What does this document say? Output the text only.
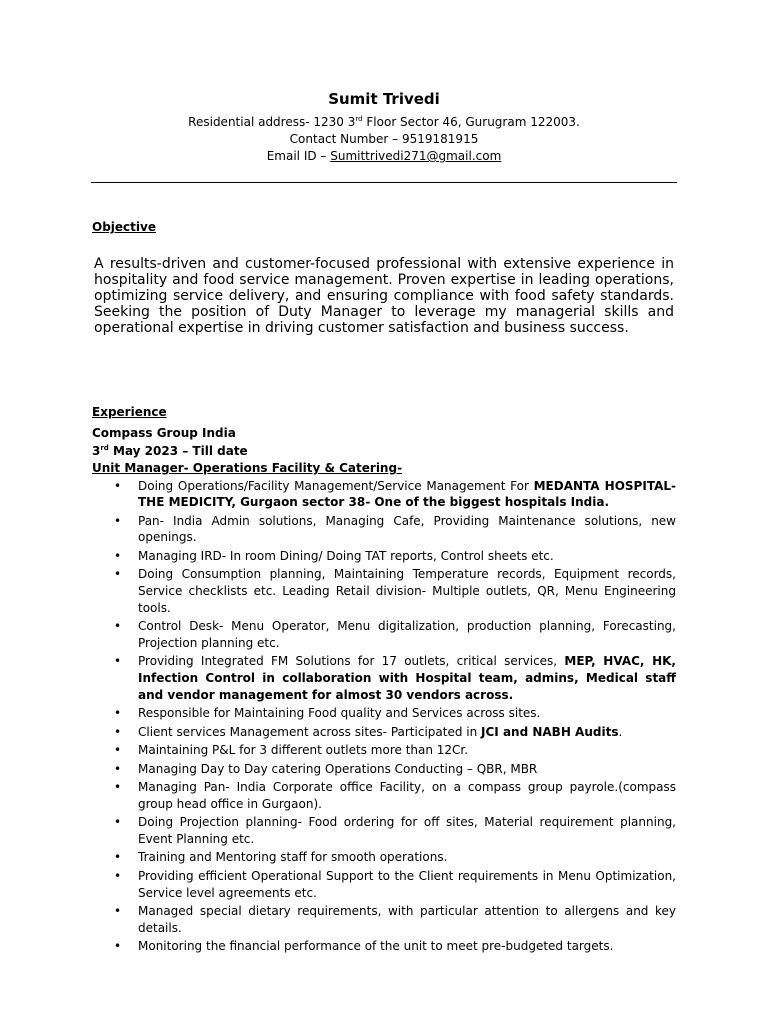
Sumit Trivedi

Residential address- 1230 3rd Floor Sector 46, Gurugram 122003.

Contact Number – 9519181915

Email ID – Sumittrivedi271@gmail.com

Objective

A results-driven and customer-focused professional with extensive experience in hospitality and food service management. Proven expertise in leading operations, optimizing service delivery, and ensuring compliance with food safety standards. Seeking the position of Duty Manager to leverage my managerial skills and operational expertise in driving customer satisfaction and business success.

Experience

Compass Group India

3rd May 2023 – Till date

Unit Manager- Operations Facility & Catering-

• Doing Operations/Facility Management/Service Management For MEDANTA HOSPITAL-THE MEDICITY, Gurgaon sector 38- One of the biggest hospitals India.
• Pan- India Admin solutions, Managing Cafe, Providing Maintenance solutions, new openings.
• Managing IRD- In room Dining/ Doing TAT reports, Control sheets etc.
• Doing Consumption planning, Maintaining Temperature records, Equipment records, Service checklists etc. Leading Retail division- Multiple outlets, QR, Menu Engineering tools.
• Control Desk- Menu Operator, Menu digitalization, production planning, Forecasting, Projection planning etc.
• Providing Integrated FM Solutions for 17 outlets, critical services, MEP, HVAC, HK, Infection Control in collaboration with Hospital team, admins, Medical staff and vendor management for almost 30 vendors across.
• Responsible for Maintaining Food quality and Services across sites.
• Client services Management across sites- Participated in JCI and NABH Audits.
• Maintaining P&L for 3 different outlets more than 12Cr.
• Managing Day to Day catering Operations Conducting – QBR, MBR
• Managing Pan- India Corporate office Facility, on a compass group payrole.(compass group head office in Gurgaon).
• Doing Projection planning- Food ordering for off sites, Material requirement planning, Event Planning etc.
• Training and Mentoring staff for smooth operations.
• Providing efficient Operational Support to the Client requirements in Menu Optimization, Service level agreements etc.
• Managed special dietary requirements, with particular attention to allergens and key details.
• Monitoring the financial performance of the unit to meet pre-budgeted targets.
